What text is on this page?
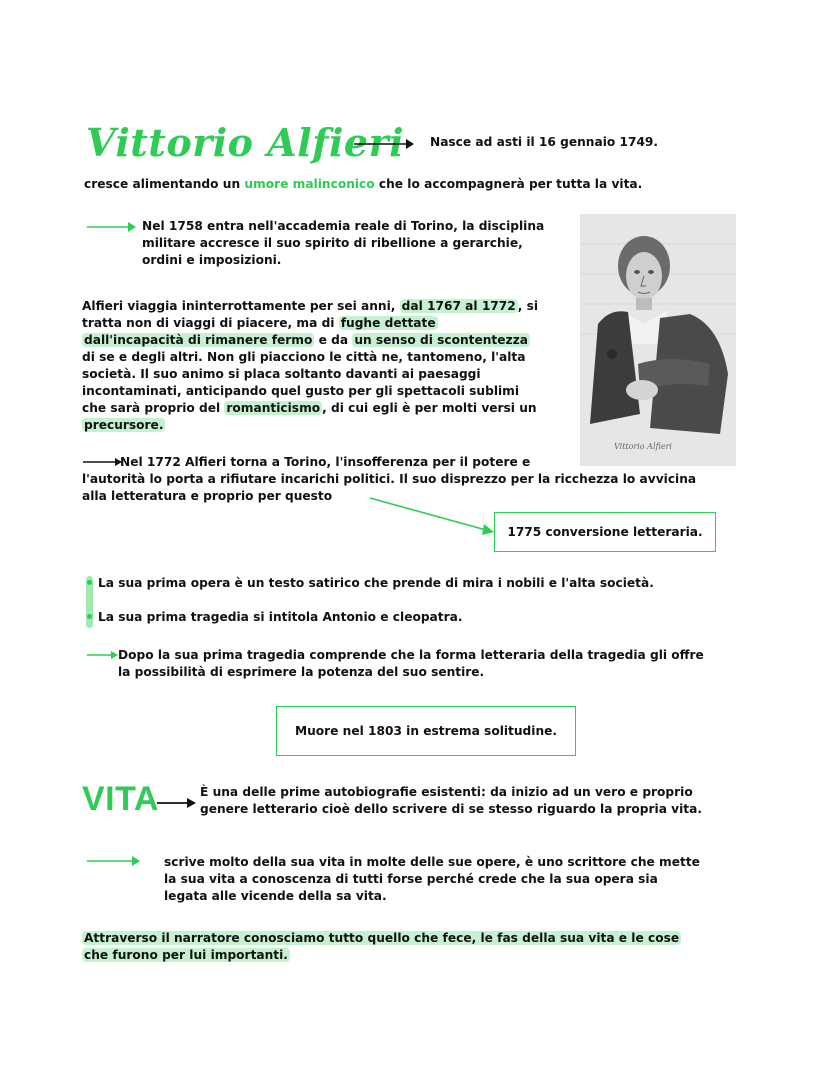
Vittorio Alfieri Nasce ad asti il 16 gennaio 1749.
cresce alimentando un umore malinconico che lo accompagnerà per tutta la vita.
Nel 1758 entra nell'accademia reale di Torino, la disciplina
militare accresce il suo spirito di ribellione a gerarchie,
ordini e imposizioni.
Vittorio Alfieri
Alfieri viaggia ininterrottamente per sei anni, dal 1767 al 1772 , si
tratta non di viaggi di piacere, ma di fughe dettate
dall'incapacità di rimanere fermo e da un senso di scontentezza
di se e degli altri. Non gli piacciono le città ne, tantomeno, l'alta
società. Il suo animo si placa soltanto davanti ai paesaggi
incontaminati, anticipando quel gusto per gli spettacoli sublimi
che sarà proprio del romanticismo , di cui egli è per molti versi un
precursore.
Nel 1772 Alfieri torna a Torino, l'insofferenza per il potere e
l'autorità lo porta a rifiutare incarichi politici. Il suo disprezzo per la ricchezza lo avvicina
alla letteratura e proprio per questo
1775 conversione letteraria.
La sua prima opera è un testo satirico che prende di mira i nobili e l'alta società.
La sua prima tragedia si intitola Antonio e cleopatra.
Dopo la sua prima tragedia comprende che la forma letteraria della tragedia gli offre
la possibilità di esprimere la potenza del suo sentire.
Muore nel 1803 in estrema solitudine.
VITA	È una delle prime autobiografie esistenti: da inizio ad un vero e proprio
genere letterario cioè dello scrivere di se stesso riguardo la propria vita.
scrive molto della sua vita in molte delle sue opere, è uno scrittore che mette
la sua vita a conoscenza di tutti forse perché crede che la sua opera sia
legata alle vicende della sa vita.
Attraverso il narratore conosciamo tutto quello che fece, le fas della sua vita e le cose
che furono per lui importanti.
